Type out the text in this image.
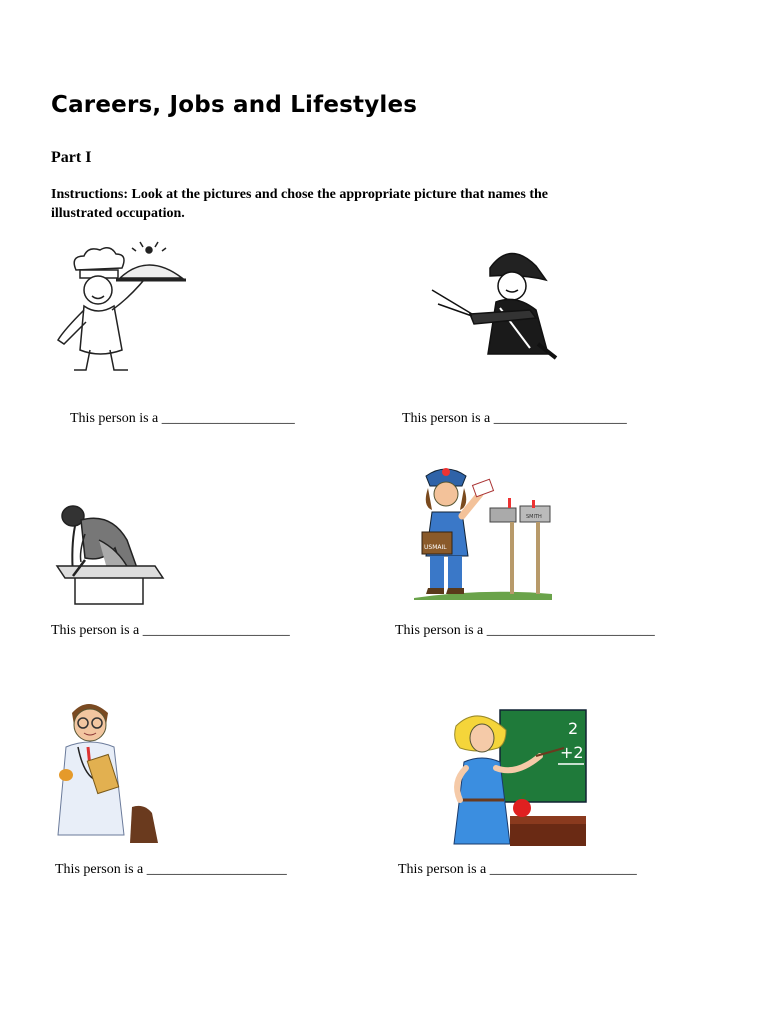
Careers, Jobs and Lifestyles
Part I
Instructions: Look at the pictures and chose the appropriate picture that names the illustrated occupation.
This person is a ___________________	This person is a ___________________
This person is a _____________________
USMAIL
SMITH
This person is a ________________________
This person is a ____________________
2
+2
This person is a _____________________
